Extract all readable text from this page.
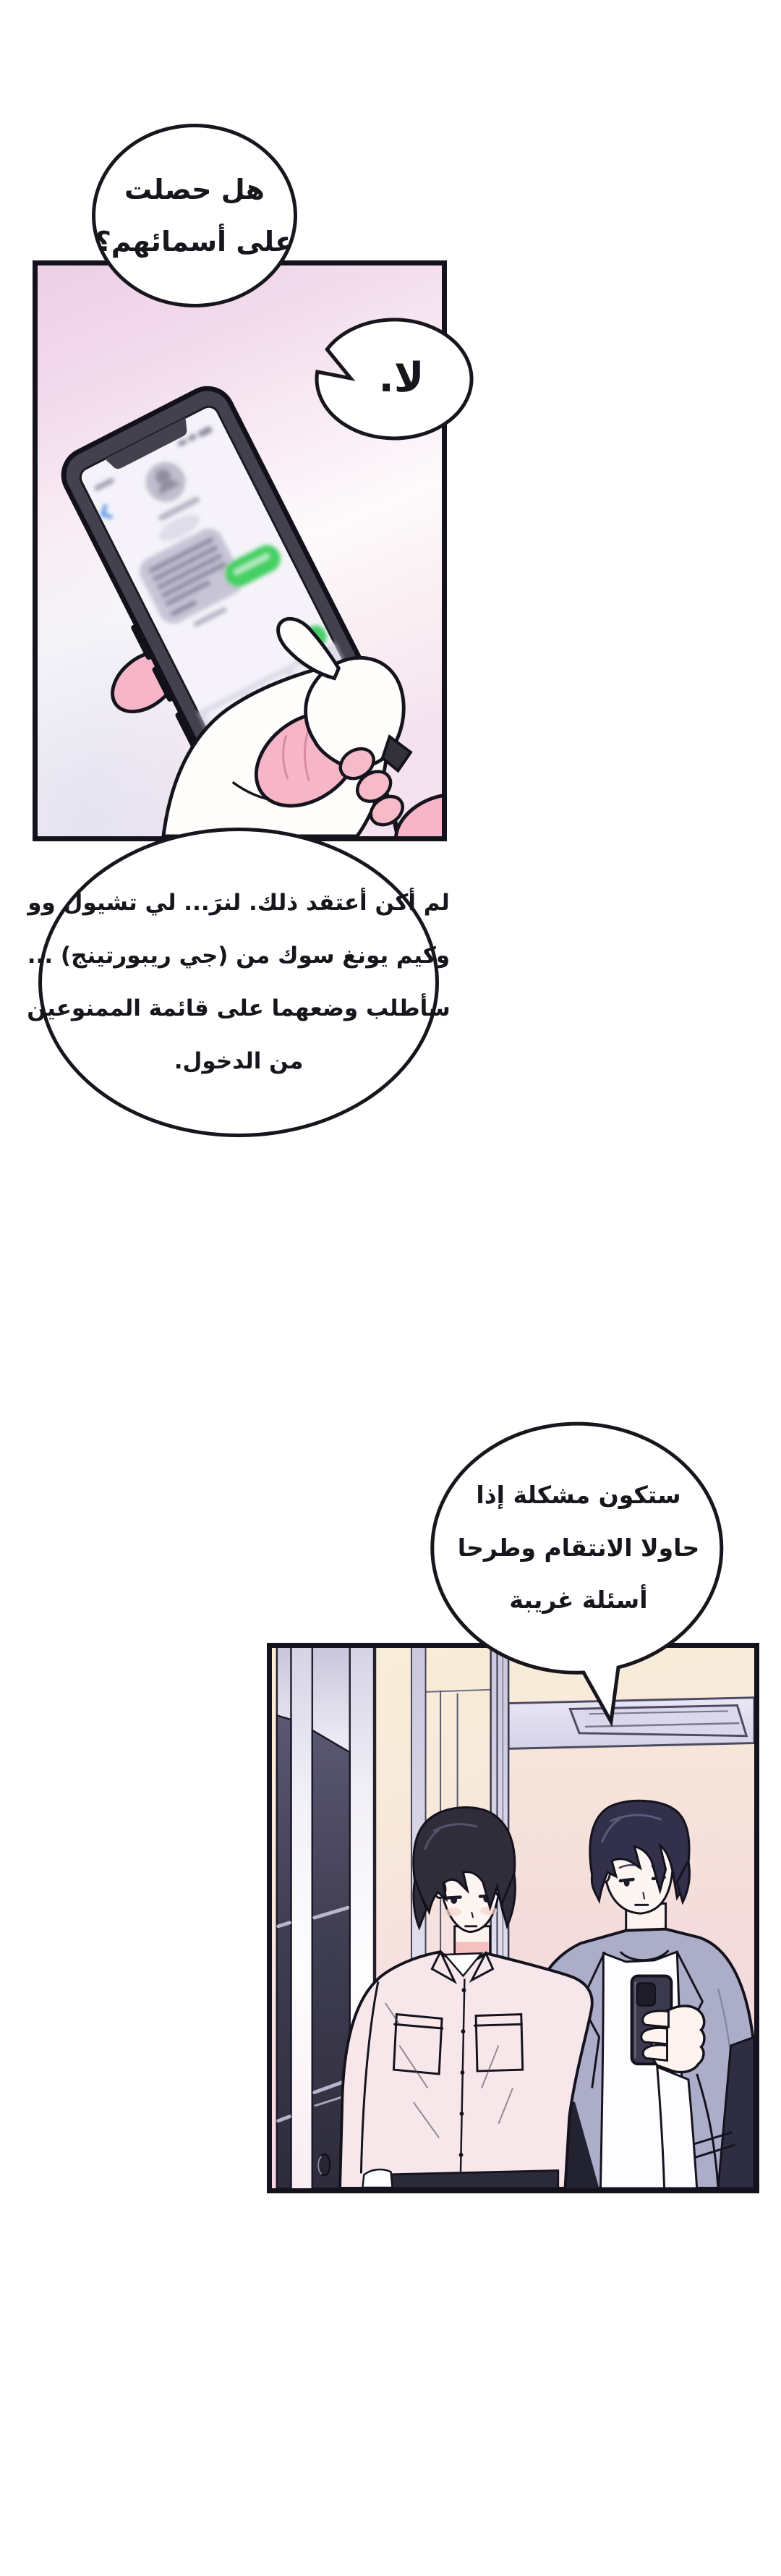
هل حصلت
على أسمائهم؟
لا.
لم أكن أعتقد ذلك. لنرَ... لي تشيول وو
وكيم يونغ سوك من (جي ريبورتينج) ...
سأطلب وضعهما على قائمة الممنوعين
من الدخول.
ستكون مشكلة إذا
حاولا الانتقام وطرحا
أسئلة غريبة
